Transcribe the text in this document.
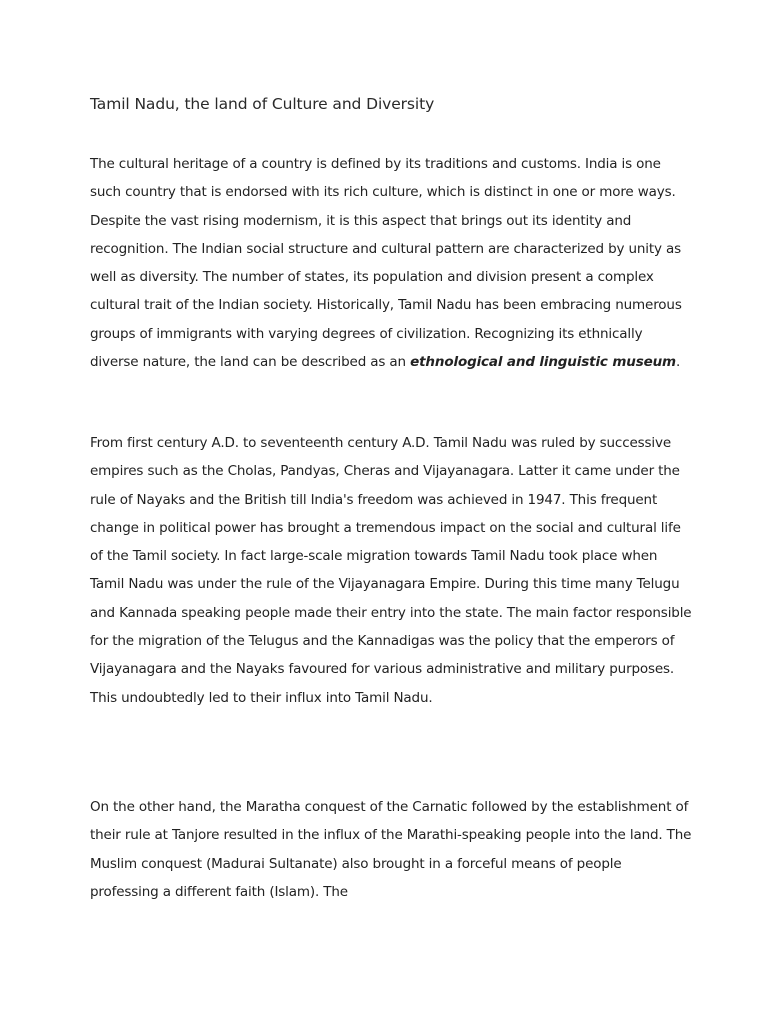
Tamil Nadu, the land of Culture and Diversity

The cultural heritage of a country is defined by its traditions and customs. India is one such country that is endorsed with its rich culture, which is distinct in one or more ways. Despite the vast rising modernism, it is this aspect that brings out its identity and recognition. The Indian social structure and cultural pattern are characterized by unity as well as diversity. The number of states, its population and division present a complex cultural trait of the Indian society. Historically, Tamil Nadu has been embracing numerous groups of immigrants with varying degrees of civilization. Recognizing its ethnically diverse nature, the land can be described as an ethnological and linguistic museum.

From first century A.D. to seventeenth century A.D. Tamil Nadu was ruled by successive empires such as the Cholas, Pandyas, Cheras and Vijayanagara. Latter it came under the rule of Nayaks and the British till India's freedom was achieved in 1947. This frequent change in political power has brought a tremendous impact on the social and cultural life of the Tamil society. In fact large-scale migration towards Tamil Nadu took place when Tamil Nadu was under the rule of the Vijayanagara Empire. During this time many Telugu and Kannada speaking people made their entry into the state. The main factor responsible for the migration of the Telugus and the Kannadigas was the policy that the emperors of Vijayanagara and the Nayaks favoured for various administrative and military purposes. This undoubtedly led to their influx into Tamil Nadu.

On the other hand, the Maratha conquest of the Carnatic followed by the establishment of their rule at Tanjore resulted in the influx of the Marathi-speaking people into the land. The Muslim conquest (Madurai Sultanate) also brought in a forceful means of people professing a different faith (Islam). The
